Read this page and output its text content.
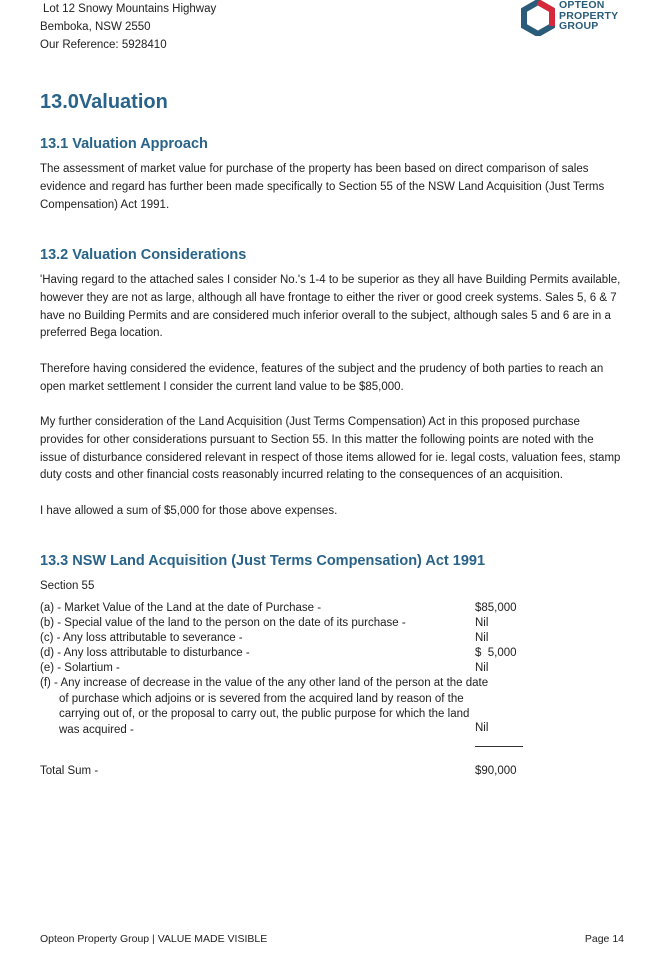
Lot 12 Snowy Mountains Highway
Bemboka, NSW 2550
Our Reference: 5928410
OPTEON
PROPERTY
GROUP
13.0Valuation
13.1 Valuation Approach

The assessment of market value for purchase of the property has been based on direct comparison of sales evidence and regard has further been made specifically to Section 55 of the NSW Land Acquisition (Just Terms Compensation) Act 1991.

13.2 Valuation Considerations

'Having regard to the attached sales I consider No.'s 1-4 to be superior as they all have Building Permits available, however they are not as large, although all have frontage to either the river or good creek systems. Sales 5, 6 & 7 have no Building Permits and are considered much inferior overall to the subject, although sales 5 and 6 are in a preferred Bega location.

Therefore having considered the evidence, features of the subject and the prudency of both parties to reach an open market settlement I consider the current land value to be $85,000.

My further consideration of the Land Acquisition (Just Terms Compensation) Act in this proposed purchase provides for other considerations pursuant to Section 55. In this matter the following points are noted with the issue of disturbance considered relevant in respect of those items allowed for ie. legal costs, valuation fees, stamp duty costs and other financial costs reasonably incurred relating to the consequences of an acquisition.

I have allowed a sum of $5,000 for those above expenses.

13.3 NSW Land Acquisition (Just Terms Compensation) Act 1991

Section 55

(a) - Market Value of the Land at the date of Purchase -	$85,000
(b) - Special value of the land to the person on the date of its purchase -	Nil
(c) - Any loss attributable to severance -	Nil
(d) - Any loss attributable to disturbance -	$  5,000
(e) - Solartium -	Nil
(f) - Any increase of decrease in the value of the any other land of the person at the date of purchase which adjoins or is severed from the acquired land by reason of the carrying out of, or the proposal to carry out, the public purpose for which the land was acquired -	Nil
Total Sum -	$90,000
Opteon Property Group | VALUE MADE VISIBLE	Page 14
